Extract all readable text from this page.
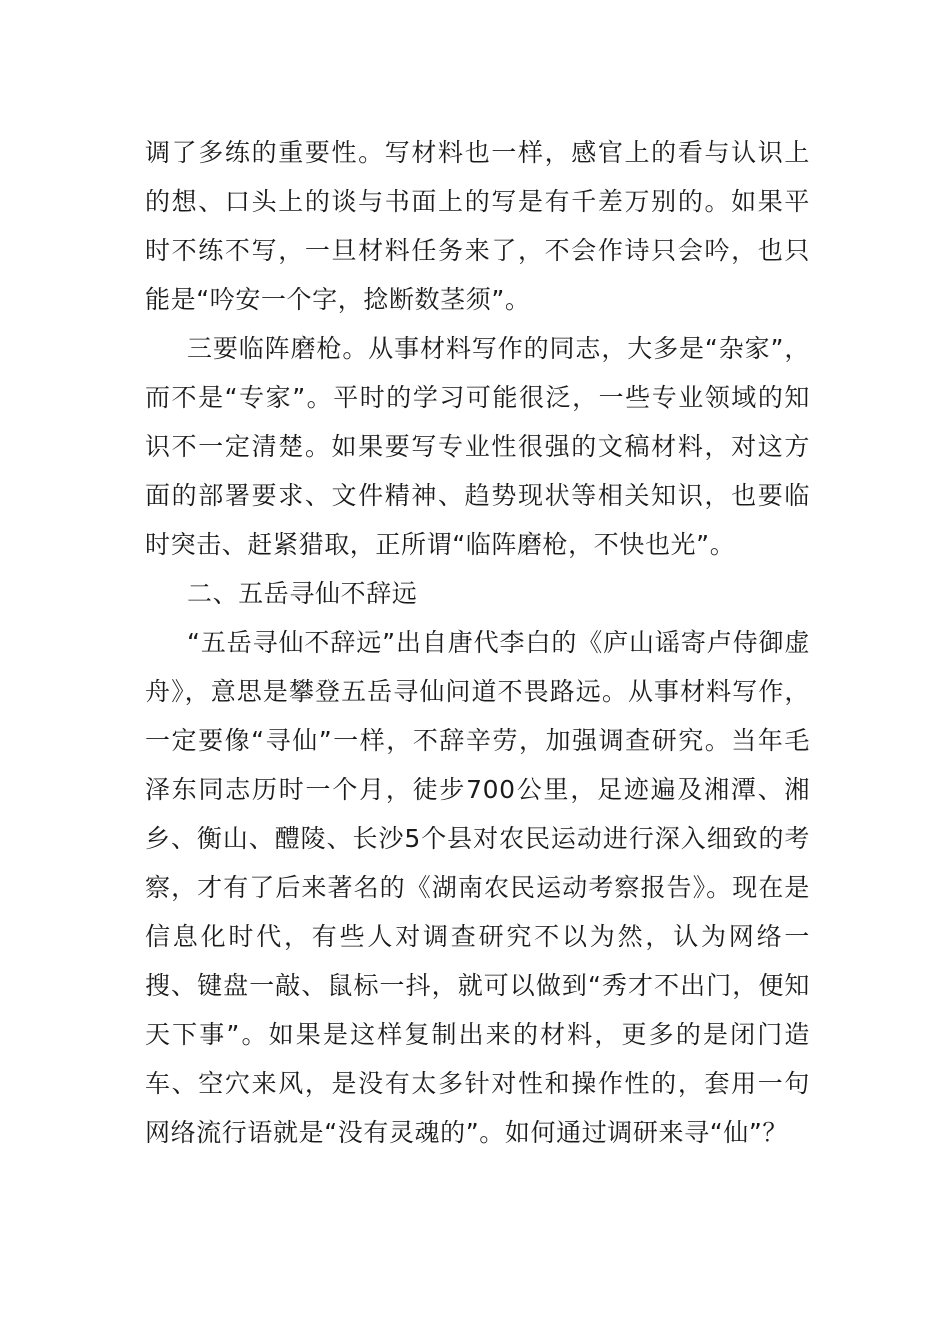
调了多练的重要性。写材料也一样，感官上的看与认识上的想、口头上的谈与书面上的写是有千差万别的。如果平时不练不写，一旦材料任务来了，不会作诗只会吟，也只能是“吟安一个字，捻断数茎须”。

三要临阵磨枪。从事材料写作的同志，大多是“杂家”，而不是“专家”。平时的学习可能很泛，一些专业领域的知识不一定清楚。如果要写专业性很强的文稿材料，对这方面的部署要求、文件精神、趋势现状等相关知识，也要临时突击、赶紧猎取，正所谓“临阵磨枪，不快也光”。

二、五岳寻仙不辞远

“五岳寻仙不辞远”出自唐代李白的《庐山谣寄卢侍御虚舟》，意思是攀登五岳寻仙问道不畏路远。从事材料写作，一定要像“寻仙”一样，不辞辛劳，加强调查研究。当年毛泽东同志历时一个月，徒步700公里，足迹遍及湘潭、湘乡、衡山、醴陵、长沙5个县对农民运动进行深入细致的考察，才有了后来著名的《湖南农民运动考察报告》。现在是信息化时代，有些人对调查研究不以为然，认为网络一搜、键盘一敲、鼠标一抖，就可以做到“秀才不出门，便知天下事”。如果是这样复制出来的材料，更多的是闭门造车、空穴来风，是没有太多针对性和操作性的，套用一句网络流行语就是“没有灵魂的”。如何通过调研来寻“仙”？
